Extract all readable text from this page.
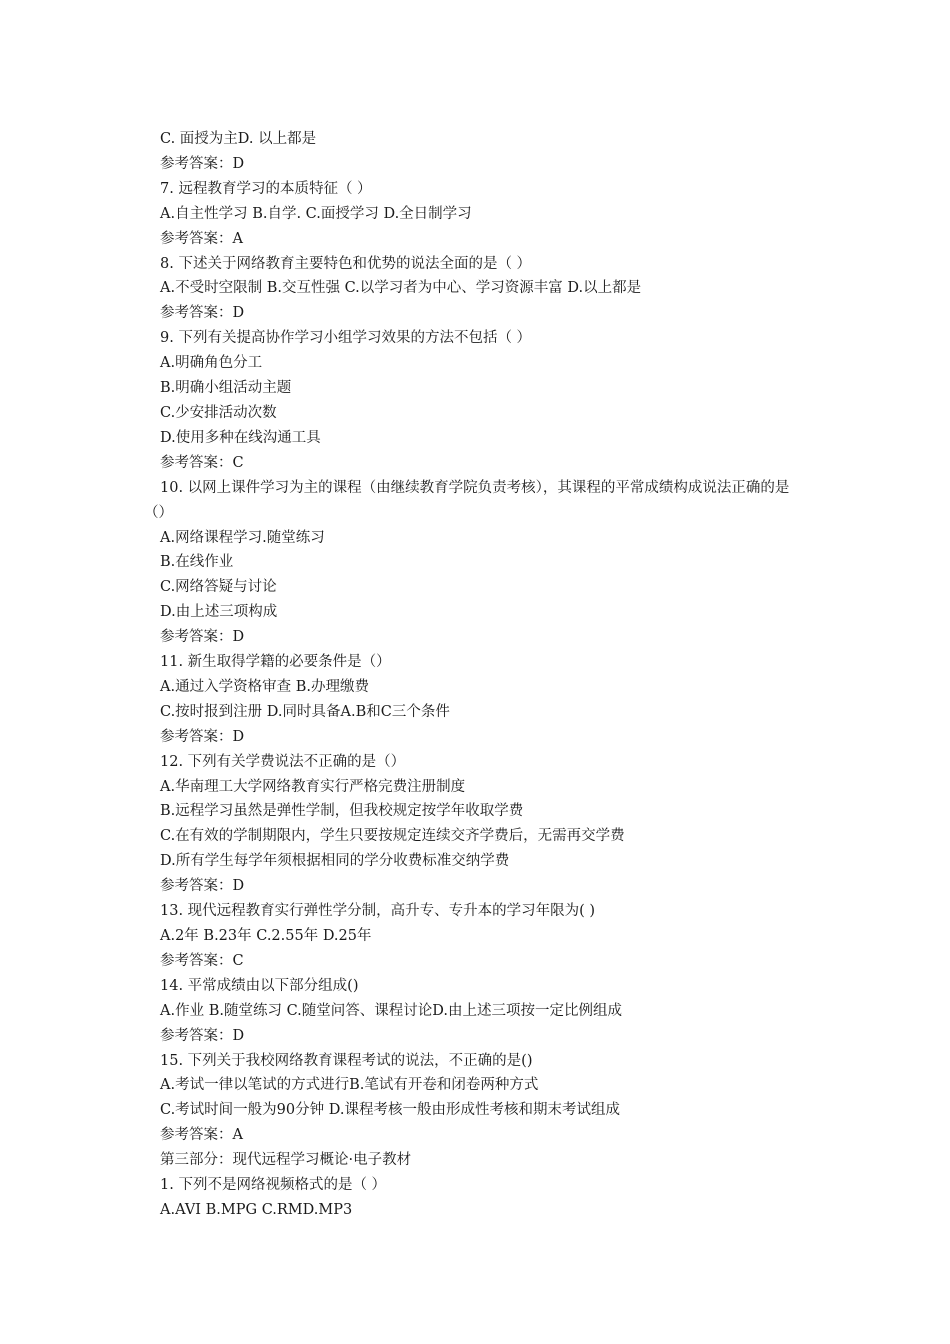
C. 面授为主D. 以上都是

参考答案：D

7. 远程教育学习的本质特征（ ）

A.自主性学习 B.自学. C.面授学习 D.全日制学习

参考答案：A

8. 下述关于网络教育主要特色和优势的说法全面的是（ ）

A.不受时空限制 B.交互性强 C.以学习者为中心、学习资源丰富 D.以上都是

参考答案：D

9. 下列有关提高协作学习小组学习效果的方法不包括（ ）

A.明确角色分工

B.明确小组活动主题

C.少安排活动次数

D.使用多种在线沟通工具

参考答案：C

10. 以网上课件学习为主的课程（由继续教育学院负责考核），其课程的平常成绩构成说法正确的是（）

A.网络课程学习.随堂练习

B.在线作业

C.网络答疑与讨论

D.由上述三项构成

参考答案：D

11. 新生取得学籍的必要条件是（）

A.通过入学资格审查 B.办理缴费

C.按时报到注册 D.同时具备A.B和C三个条件

参考答案：D

12. 下列有关学费说法不正确的是（）

A.华南理工大学网络教育实行严格完费注册制度

B.远程学习虽然是弹性学制，但我校规定按学年收取学费

C.在有效的学制期限内，学生只要按规定连续交齐学费后，无需再交学费

D.所有学生每学年须根据相同的学分收费标准交纳学费

参考答案：D

13. 现代远程教育实行弹性学分制，高升专、专升本的学习年限为( )

A.2年 B.23年 C.2.55年 D.25年

参考答案：C

14. 平常成绩由以下部分组成()

A.作业 B.随堂练习 C.随堂问答、课程讨论D.由上述三项按一定比例组成

参考答案：D

15. 下列关于我校网络教育课程考试的说法，不正确的是()

A.考试一律以笔试的方式进行B.笔试有开卷和闭卷两种方式

C.考试时间一般为90分钟 D.课程考核一般由形成性考核和期末考试组成

参考答案：A

第三部分：现代远程学习概论·电子教材

1. 下列不是网络视频格式的是（ ）

A.AVI B.MPG C.RMD.MP3
